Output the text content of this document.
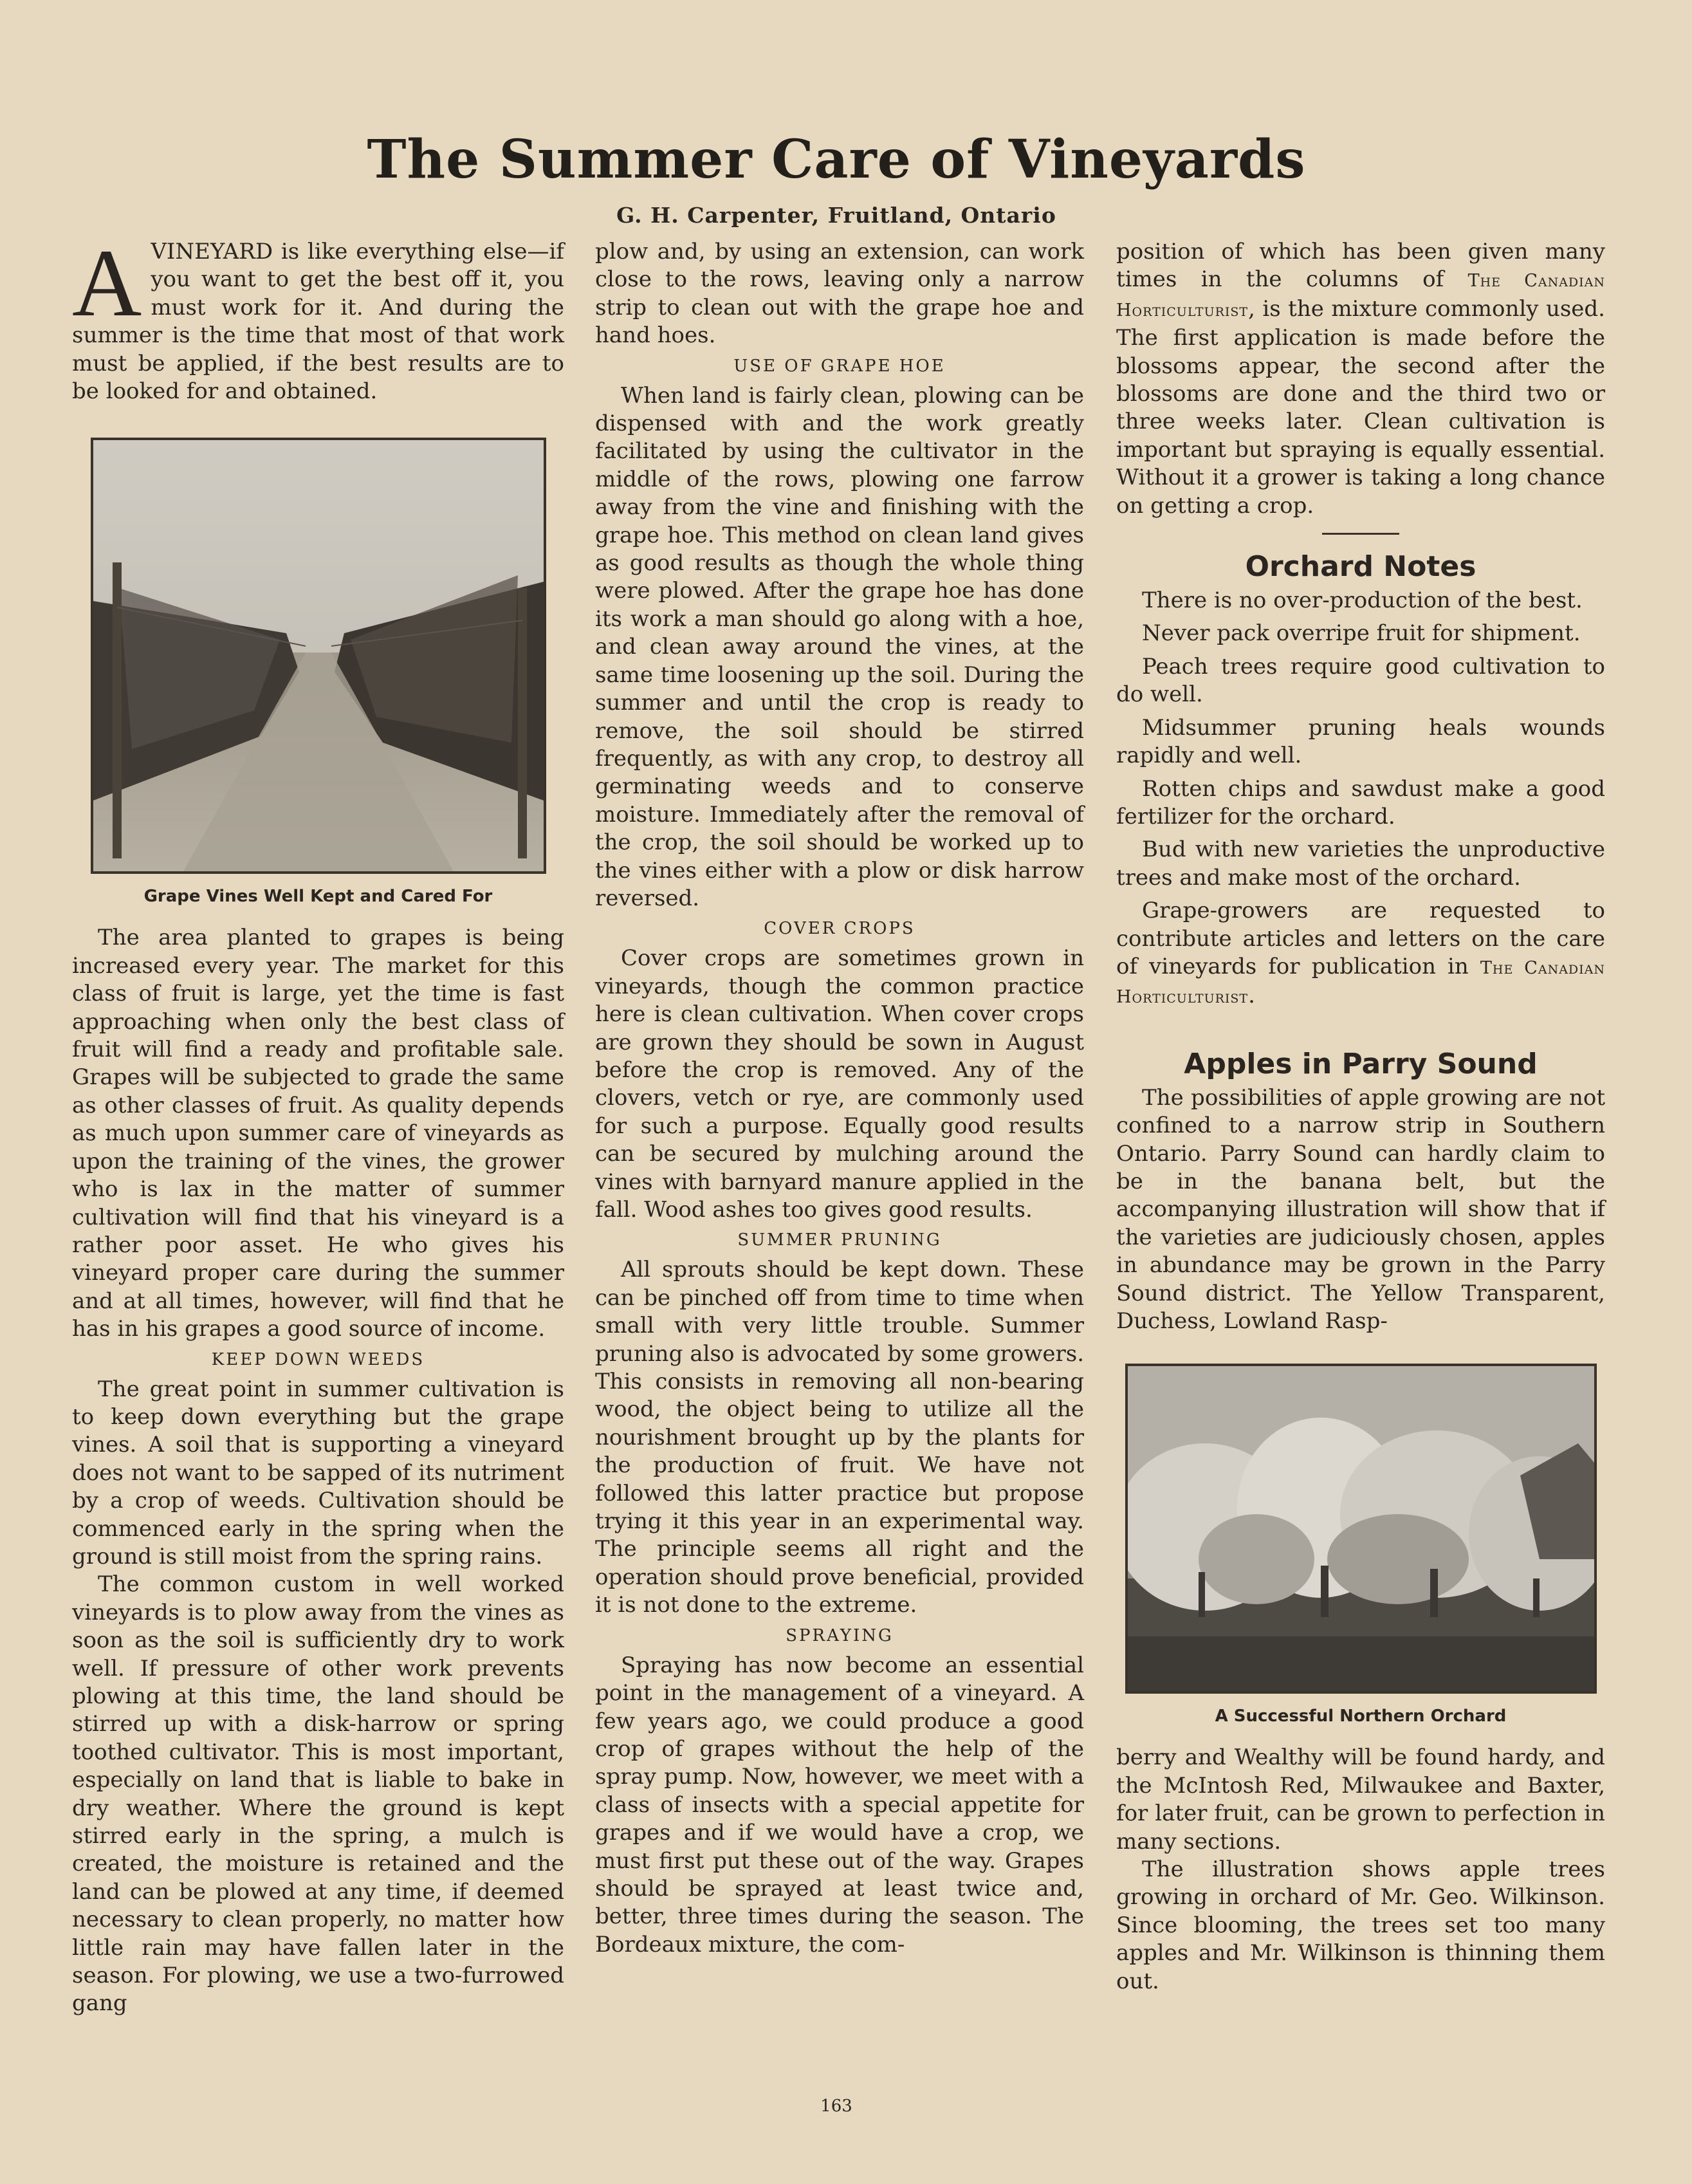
The Summer Care of Vineyards
G. H. Carpenter, Fruitland, Ontario

AVINEYARD is like everything else—if you want to get the best off it, you must work for it. And during the summer is the time that most of that work must be applied, if the best results are to be looked for and obtained.

Grape Vines Well Kept and Cared For

The area planted to grapes is being increased every year. The market for this class of fruit is large, yet the time is fast approaching when only the best class of fruit will find a ready and profitable sale. Grapes will be subjected to grade the same as other classes of fruit. As quality depends as much upon summer care of vineyards as upon the training of the vines, the grower who is lax in the matter of summer cultivation will find that his vineyard is a rather poor asset. He who gives his vineyard proper care during the summer and at all times, however, will find that he has in his grapes a good source of income.

KEEP DOWN WEEDS

The great point in summer cultivation is to keep down everything but the grape vines. A soil that is supporting a vineyard does not want to be sapped of its nutriment by a crop of weeds. Cultivation should be commenced early in the spring when the ground is still moist from the spring rains.

The common custom in well worked vineyards is to plow away from the vines as soon as the soil is sufficiently dry to work well. If pressure of other work prevents plowing at this time, the land should be stirred up with a disk-harrow or spring toothed cultivator. This is most important, especially on land that is liable to bake in dry weather. Where the ground is kept stirred early in the spring, a mulch is created, the moisture is retained and the land can be plowed at any time, if deemed necessary to clean properly, no matter how little rain may have fallen later in the season. For plowing, we use a two-furrowed gang

plow and, by using an extension, can work close to the rows, leaving only a narrow strip to clean out with the grape hoe and hand hoes.

USE OF GRAPE HOE

When land is fairly clean, plowing can be dispensed with and the work greatly facilitated by using the cultivator in the middle of the rows, plowing one farrow away from the vine and finishing with the grape hoe. This method on clean land gives as good results as though the whole thing were plowed. After the grape hoe has done its work a man should go along with a hoe, and clean away around the vines, at the same time loosening up the soil. During the summer and until the crop is ready to remove, the soil should be stirred frequently, as with any crop, to destroy all germinating weeds and to conserve moisture. Immediately after the removal of the crop, the soil should be worked up to the vines either with a plow or disk harrow reversed.

COVER CROPS

Cover crops are sometimes grown in vineyards, though the common practice here is clean cultivation. When cover crops are grown they should be sown in August before the crop is removed. Any of the clovers, vetch or rye, are commonly used for such a purpose. Equally good results can be secured by mulching around the vines with barnyard manure applied in the fall. Wood ashes too gives good results.

SUMMER PRUNING

All sprouts should be kept down. These can be pinched off from time to time when small with very little trouble. Summer pruning also is advocated by some growers. This consists in removing all non-bearing wood, the object being to utilize all the nourishment brought up by the plants for the production of fruit. We have not followed this latter practice but propose trying it this year in an experimental way. The principle seems all right and the operation should prove beneficial, provided it is not done to the extreme.

SPRAYING

Spraying has now become an essential point in the management of a vineyard. A few years ago, we could produce a good crop of grapes without the help of the spray pump. Now, however, we meet with a class of insects with a special appetite for grapes and if we would have a crop, we must first put these out of the way. Grapes should be sprayed at least twice and, better, three times during the season. The Bordeaux mixture, the com-

position of which has been given many times in the columns of The Canadian Horticulturist, is the mixture commonly used. The first application is made before the blossoms appear, the second after the blossoms are done and the third two or three weeks later. Clean cultivation is important but spraying is equally essential. Without it a grower is taking a long chance on getting a crop.

Orchard Notes

There is no over-production of the best.

Never pack overripe fruit for shipment.

Peach trees require good cultivation to do well.

Midsummer pruning heals wounds rapidly and well.

Rotten chips and sawdust make a good fertilizer for the orchard.

Bud with new varieties the unproductive trees and make most of the orchard.

Grape-growers are requested to contribute articles and letters on the care of vineyards for publication in The Canadian Horticulturist.

Apples in Parry Sound

The possibilities of apple growing are not confined to a narrow strip in Southern Ontario. Parry Sound can hardly claim to be in the banana belt, but the accompanying illustration will show that if the varieties are judiciously chosen, apples in abundance may be grown in the Parry Sound district. The Yellow Transparent, Duchess, Lowland Rasp-

A Successful Northern Orchard

berry and Wealthy will be found hardy, and the McIntosh Red, Milwaukee and Baxter, for later fruit, can be grown to perfection in many sections.

The illustration shows apple trees growing in orchard of Mr. Geo. Wilkinson. Since blooming, the trees set too many apples and Mr. Wilkinson is thinning them out.

163
